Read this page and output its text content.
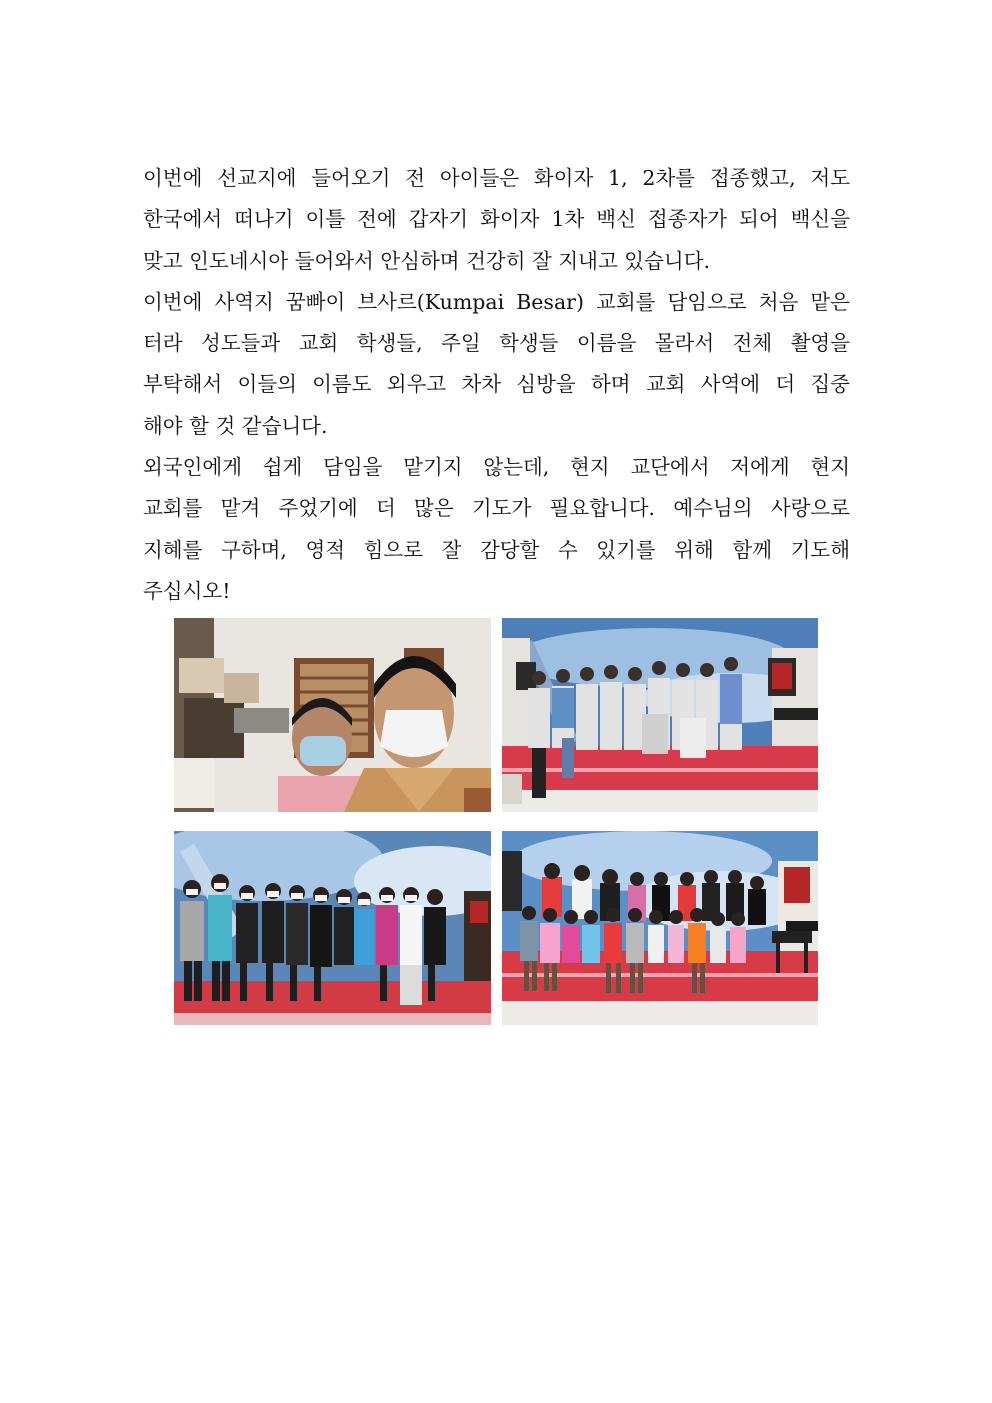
이번에 선교지에 들어오기 전 아이들은 화이자 1, 2차를 접종했고, 저도
한국에서 떠나기 이틀 전에 갑자기 화이자 1차 백신 접종자가 되어 백신을
맞고 인도네시아 들어와서 안심하며 건강히 잘 지내고 있습니다.
이번에 사역지 꿈빠이 브사르(Kumpai Besar) 교회를 담임으로 처음 맡은
터라 성도들과 교회 학생들, 주일 학생들 이름을 몰라서 전체 촬영을
부탁해서 이들의 이름도 외우고 차차 심방을 하며 교회 사역에 더 집중
해야 할 것 같습니다.
외국인에게 쉽게 담임을 맡기지 않는데, 현지 교단에서 저에게 현지
교회를 맡겨 주었기에 더 많은 기도가 필요합니다. 예수님의 사랑으로
지혜를 구하며, 영적 힘으로 잘 감당할 수 있기를 위해 함께 기도해
주십시오!
